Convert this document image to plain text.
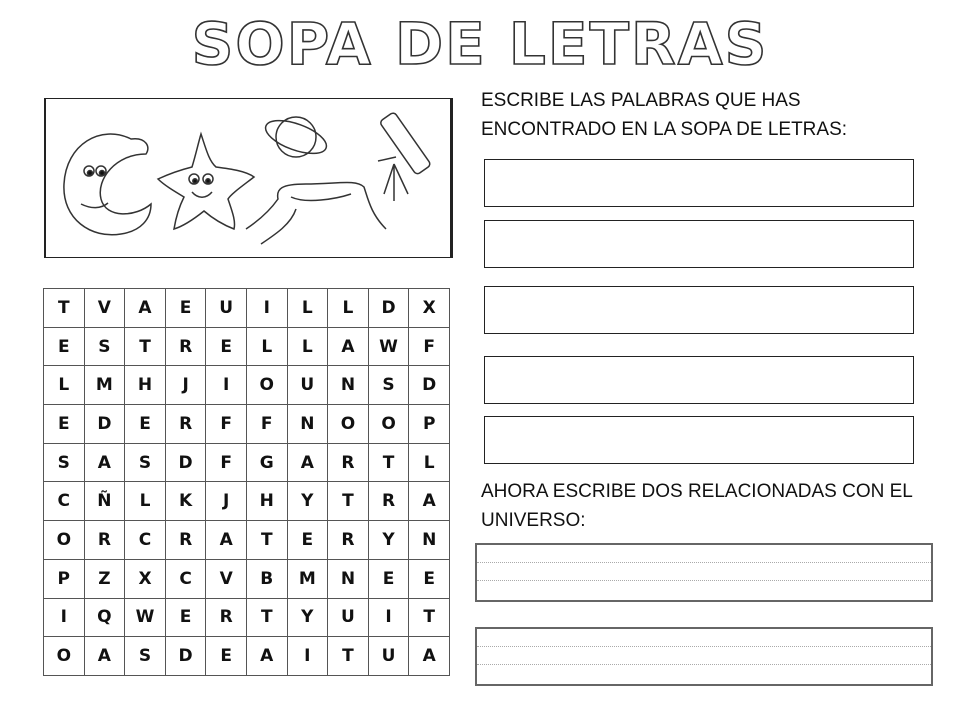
SOPA DE LETRAS
T	V	A	E	U	I	L	L	D	X
E	S	T	R	E	L	L	A	W	F
L	M	H	J	I	O	U	N	S	D
E	D	E	R	F	F	N	O	O	P
S	A	S	D	F	G	A	R	T	L
C	Ñ	L	K	J	H	Y	T	R	A
O	R	C	R	A	T	E	R	Y	N
P	Z	X	C	V	B	M	N	E	E
I	Q	W	E	R	T	Y	U	I	T
O	A	S	D	E	A	I	T	U	A
ESCRIBE LAS PALABRAS QUE HAS
ENCONTRADO EN LA SOPA DE LETRAS:
AHORA ESCRIBE DOS RELACIONADAS CON EL
UNIVERSO:
